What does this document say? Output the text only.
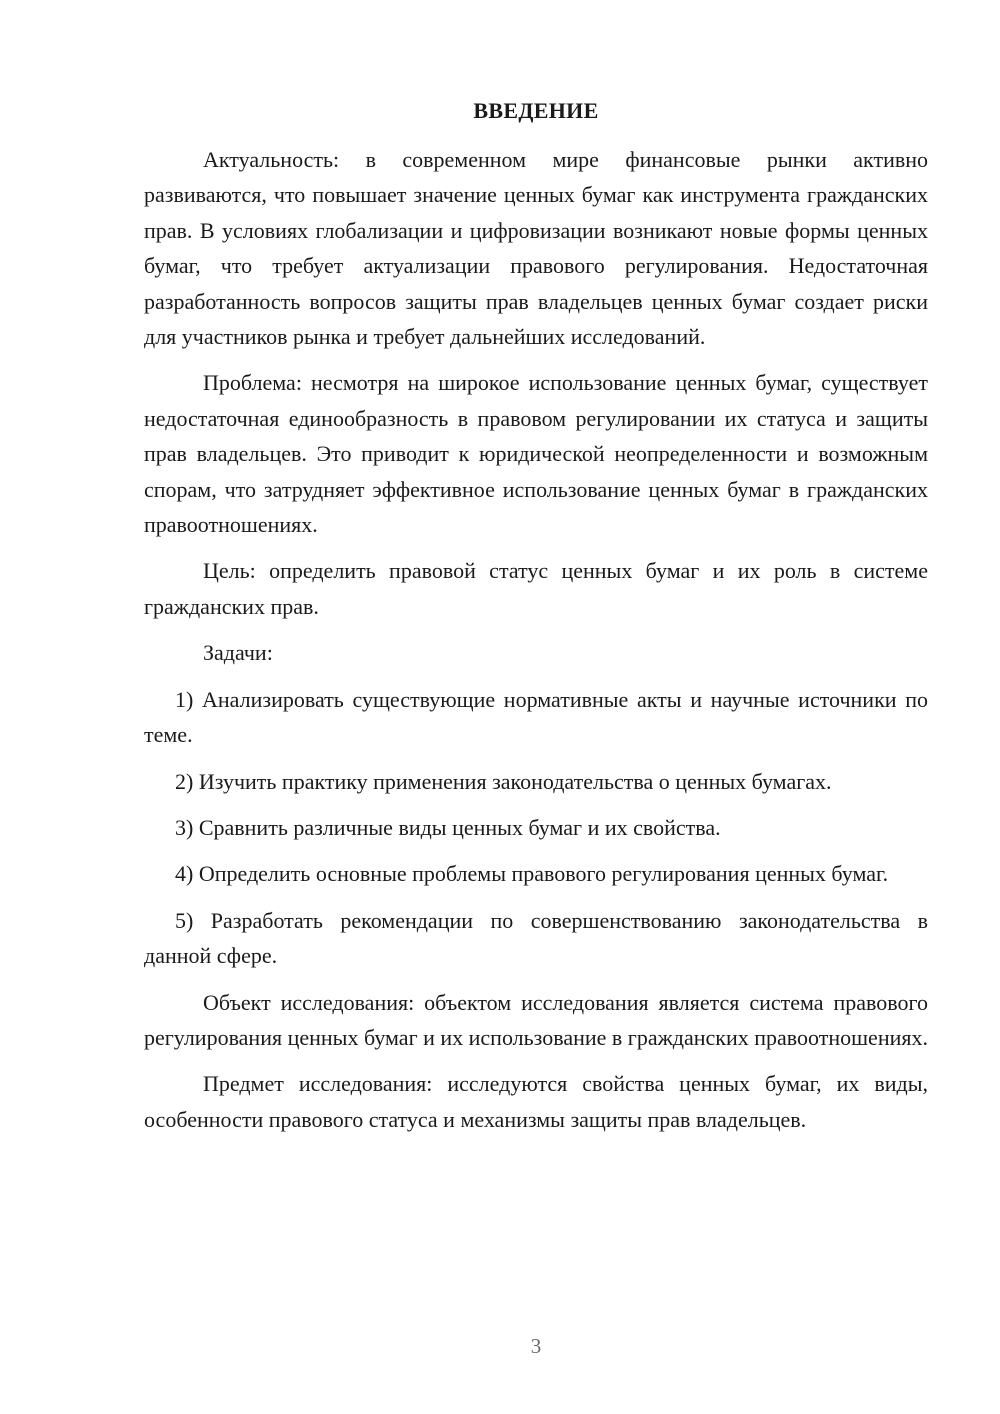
ВВЕДЕНИЕ

Актуальность: в современном мире финансовые рынки активно развиваются, что повышает значение ценных бумаг как инструмента гражданских прав. В условиях глобализации и цифровизации возникают новые формы ценных бумаг, что требует актуализации правового регулирования. Недостаточная разработанность вопросов защиты прав владельцев ценных бумаг создает риски для участников рынка и требует дальнейших исследований.

Проблема: несмотря на широкое использование ценных бумаг, существует недостаточная единообразность в правовом регулировании их статуса и защиты прав владельцев. Это приводит к юридической неопределенности и возможным спорам, что затрудняет эффективное использование ценных бумаг в гражданских правоотношениях.

Цель: определить правовой статус ценных бумаг и их роль в системе гражданских прав.

Задачи:

1) Анализировать существующие нормативные акты и научные источники по теме.

2) Изучить практику применения законодательства о ценных бумагах.

3) Сравнить различные виды ценных бумаг и их свойства.

4) Определить основные проблемы правового регулирования ценных бумаг.

5) Разработать рекомендации по совершенствованию законодательства в данной сфере.

Объект исследования: объектом исследования является система правового регулирования ценных бумаг и их использование в гражданских правоотношениях.

Предмет исследования: исследуются свойства ценных бумаг, их виды, особенности правового статуса и механизмы защиты прав владельцев.

3
